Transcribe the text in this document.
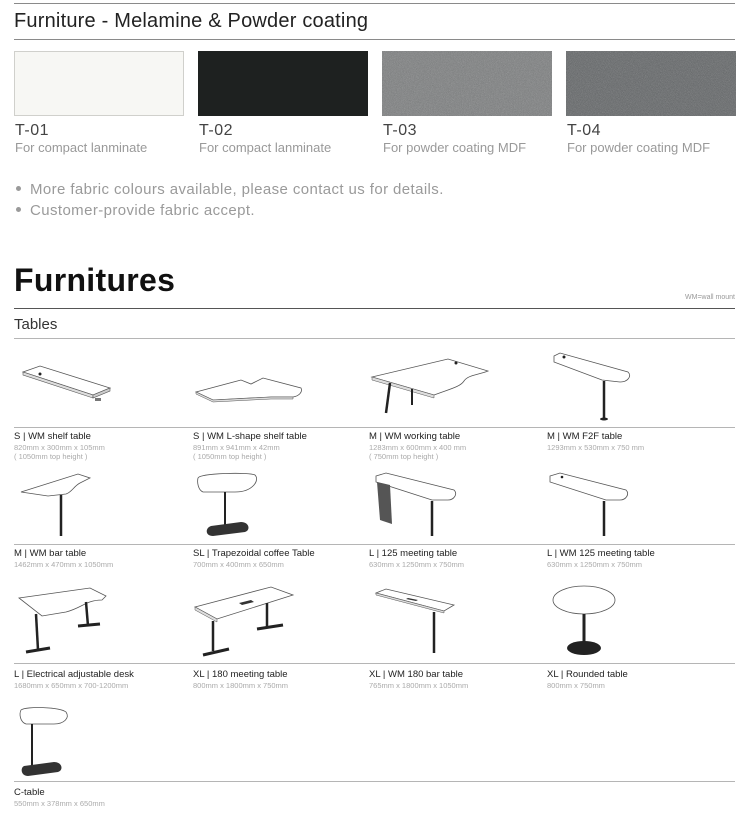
Furniture - Melamine & Powder coating
T-01
For compact lanminate
T-02
For compact lanminate
T-03
For powder coating MDF
T-04
For powder coating MDF
More fabric colours available, please contact us for details.
Customer-provide fabric accept.
Furnitures	WM=wall mount
Tables
S | WM shelf table
820mm x 300mm x 105mm
( 1050mm top height )
S | WM L-shape shelf table
891mm x 941mm x 42mm
( 1050mm top height )
M | WM working table
1283mm x 600mm x 400 mm
( 750mm top height )
M | WM F2F table
1293mm x 530mm x 750 mm
M | WM bar table
1462mm x 470mm x 1050mm
SL | Trapezoidal coffee Table
700mm x 400mm x 650mm
L | 125 meeting table
630mm x 1250mm x 750mm
L | WM 125 meeting table
630mm x 1250mm x 750mm
L | Electrical adjustable desk
1680mm x 650mm x 700-1200mm
XL | 180 meeting table
800mm x 1800mm x 750mm
XL | WM 180 bar table
765mm x 1800mm x 1050mm
XL | Rounded table
800mm x 750mm
C-table
550mm x 378mm x 650mm
